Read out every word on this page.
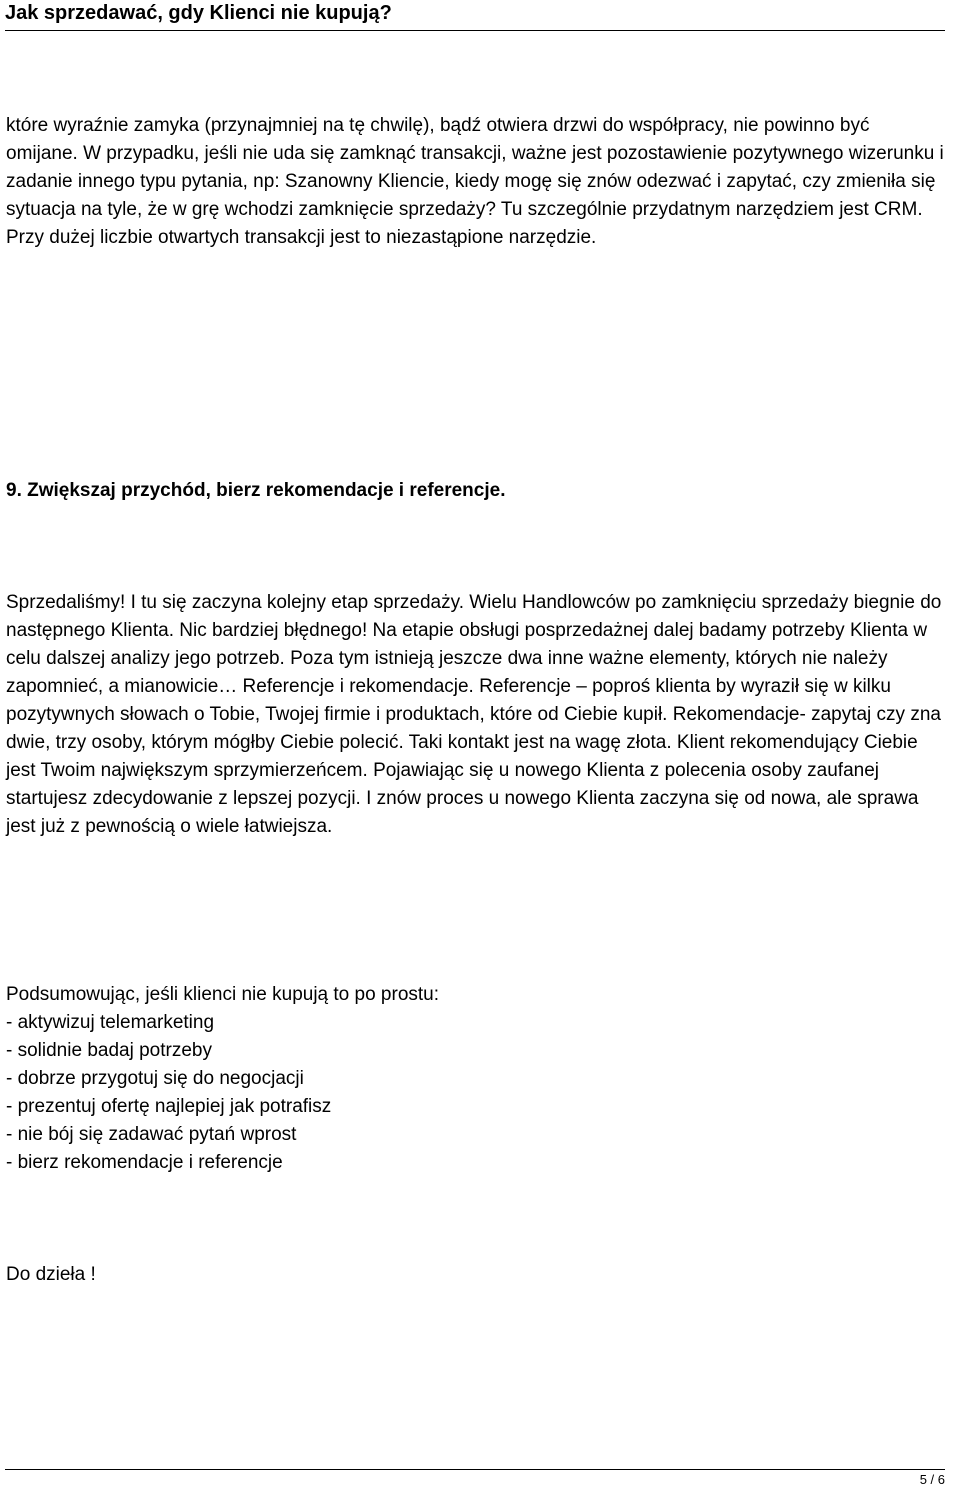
Jak sprzedawać, gdy Klienci nie kupują?

które wyraźnie zamyka (przynajmniej na tę chwilę), bądź otwiera drzwi do współpracy, nie powinno być omijane. W przypadku, jeśli nie uda się zamknąć transakcji, ważne jest pozostawienie pozytywnego wizerunku i zadanie innego typu pytania, np: Szanowny Kliencie, kiedy mogę się znów odezwać i zapytać, czy zmieniła się sytuacja na tyle, że w grę wchodzi zamknięcie sprzedaży? Tu szczególnie przydatnym narzędziem jest CRM. Przy dużej liczbie otwartych transakcji jest to niezastąpione narzędzie.

9. Zwiększaj przychód, bierz rekomendacje i referencje.

Sprzedaliśmy! I tu się zaczyna kolejny etap sprzedaży. Wielu Handlowców po zamknięciu sprzedaży biegnie do następnego Klienta. Nic bardziej błędnego! Na etapie obsługi posprzedażnej dalej badamy potrzeby Klienta w celu dalszej analizy jego potrzeb. Poza tym istnieją jeszcze dwa inne ważne elementy, których nie należy zapomnieć, a mianowicie… Referencje i rekomendacje. Referencje – poproś klienta by wyraził się w kilku pozytywnych słowach o Tobie, Twojej firmie i produktach, które od Ciebie kupił. Rekomendacje- zapytaj czy zna dwie, trzy osoby, którym mógłby Ciebie polecić. Taki kontakt jest na wagę złota. Klient rekomendujący Ciebie jest Twoim największym sprzymierzeńcem. Pojawiając się u nowego Klienta z polecenia osoby zaufanej startujesz zdecydowanie z lepszej pozycji. I znów proces u nowego Klienta zaczyna się od nowa, ale sprawa jest już z pewnością o wiele łatwiejsza.

Podsumowując, jeśli klienci nie kupują to po prostu:

- aktywizuj telemarketing
- solidnie badaj potrzeby
- dobrze przygotuj się do negocjacji
- prezentuj ofertę najlepiej jak potrafisz
- nie bój się zadawać pytań wprost
- bierz rekomendacje i referencje
Do dzieła !
5 / 6
